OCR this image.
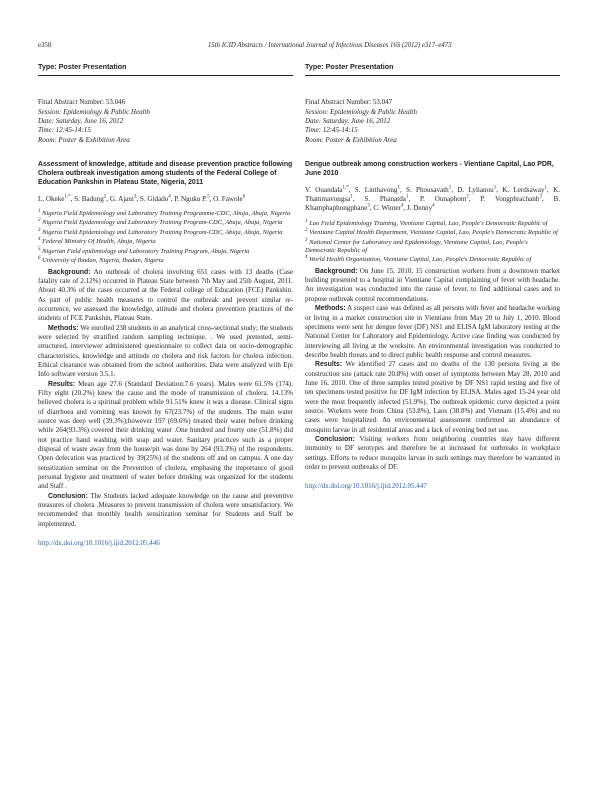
e358	15th ICID Abstracts / International Journal of Infectious Diseases 16S (2012) e317–e473
Type: Poster Presentation
Final Abstract Number: 53.046
Session: Epidemiology & Public Health
Date: Saturday, June 16, 2012
Time: 12:45-14:15
Room: Poster & Exhibition Area
Assessment of knowledge, attitude and disease prevention practice following Cholera outbreak investigation among students of the Federal College of Education Pankshin in Plateau State, Nigeria, 2011
L. Okeke$^{1,*}$, S. Badung$^2$, G. Ajani$^3$, S. Gidado$^4$, P. Nguku P.$^5$, O. Fawole$^6$
$^1$ Nigeria Field Epidemiology and Laboratory Training Programme-CDC, Abuja, Abuja, Nigeria
$^2$ Nigeria Field Epidemiology and Laboratory Training Program-CDC, Abuja, Abuja, Nigeria
$^3$ Nigeria Field Epidemiology and Laboratory Training Program-CDC, Abuja, Abuja, Nigeria
$^4$ Federal Ministry Of Health, Abuja, Nigeria
$^5$ Nigerian Field epidimiology and Laboratory Training Program, Abuja, Nigeria
$^6$ University of Ibadan, Nigeria, Ibadan, Nigeria

Background: An outbreak of cholera involving 651 cases with 13 deaths (Case fatality rate of 2.12%) occurred in Plateau State between 7th May and 25th August, 2011. About 40.3% of the cases occurred at the Federal college of Education (FCE) Pankshin. As part of public health measures to control the outbreak and prevent similar re-occurrence, we assessed the knowledge, attitude and cholera prevention practices of the students of FCE Pankshin, Plateau State.

Methods: We enrolled 238 students in an analytical cross-sectional study; the students were selected by stratified random sampling technique. . We used pretested, semi-structured, interviewer administered questionnaire to collect data on socio-demographic characteristics, knowledge and attitude on cholera and risk factors for cholera infection. Ethical clearance was obtained from the school authorities. Data were analyzed with Epi Info software version 3.5.1.

Results: Mean age 27.6 (Standard Deviation:7.6 years). Males were 61.5% (174). Fifty eight (20.2%) knew the cause and the mode of transmission of cholera. 14.13% believed cholera is a spiritual problem while 91.51% knew it was a disease. Clinical signs of diarrhoea and vomiting was known by 67(23.7%) of the students. The main water source was deep well (39.3%);however 197 (69.6%) treated their water before drinking while 264(93.3%) covered their drinking water .One hundred and fourty one (51.8%) did not practice hand washing with soap and water. Sanitary practices such as a proper disposal of waste away from the house/pit was done by 264 (93.3%) of the respondents. Open defecation was practiced by 39(25%) of the students off and on campus. A one day sensitization seminar on the Prevention of cholera, emphasing the importance of good personal hygiene and treatment of water before drinking was organized for the students and Staff .

Conclusion: The Students lacked adequate knowledge on the cause and preventive measures of cholera .Measures to prevent transmission of cholera were unsatisfactory. We recommended that monthly health sensitization seminar for Students and Staff be implemented.

http://dx.doi.org/10.1016/j.ijid.2012.05.446
Type: Poster Presentation
Final Abstract Number: 53.047
Session: Epidemiology & Public Health
Date: Saturday, June 16, 2012
Time: 12:45-14:15
Room: Poster & Exhibition Area
Dengue outbreak among construction workers - Vientiane Capital, Lao PDR, June 2010
V. Ouandala$^{1,*}$, S. Linthavong$^1$, S. Phousavath$^1$, D. Lylianou$^1$, K. Lerdsaway$^1$, K. Thammavongsa$^1$, S. Phanatda$^1$, P. Ounaphom$^2$, P. Vongphrachanh$^3$, B. Khamphaphongphane$^3$, C. Winter$^4$, J. Denny$^4$
$^1$ Lao Field Epidemiology Training, Vientiane Capital, Lao, People's Democratic Republic of
$^2$ Vientiane Capital Health Department, Vientiane Capital, Lao, People's Democratic Republic of
$^3$ National Center for Laboratory and Epidemiology, Vientiane Capital, Lao, People's Democratic Republic of
$^4$ World Health Organization, Vientiane Capital, Lao, People's Democratic Republic of

Background: On June 15, 2010, 15 construction workers from a downtown market building presented to a hospital in Vientiane Capital complaining of fever with headache. An investigation was conducted into the cause of fever, to find additional cases and to propose outbreak control recommendations.

Methods: A suspect case was defined as all persons with fever and headache working or living in a market construction site in Vientiane from May 20 to July 1, 2010. Blood specimens were sent for dengue fever (DF) NS1 and ELISA IgM laboratory testing at the National Center for Laboratory and Epidemiology. Active case finding was conducted by interviewing all living at the worksite. An environmental investigation was conducted to describe health threats and to direct public health response and control measures.

Results: We identified 27 cases and no deaths of the 130 persons living at the construction site (attack rate 20.8%) with onset of symptoms between May 28, 2010 and June 16, 2010. One of three samples tested positive by DF NS1 rapid testing and five of ten specimens tested positive for DF IgM infection by ELISA. Males aged 15-24 year old were the most frequently infected (51.9%). The outbreak epidemic curve depicted a point source. Workers were from China (53.8%), Laos (30.8%) and Vietnam (15.4%) and no cases were hospitalized. An environmental assessment confirmed an abundance of mosquito larvae in all residential areas and a lack of evening bed net use.

Conclusion: Visiting workers from neighboring countries may have different immunity to DF serotypes and therefore be at increased for outbreaks in workplace settings. Efforts to reduce mosquito larvae in such settings may therefore be warranted in order to prevent outbreaks of DF.

http://dx.doi.org/10.1016/j.ijid.2012.05.447
